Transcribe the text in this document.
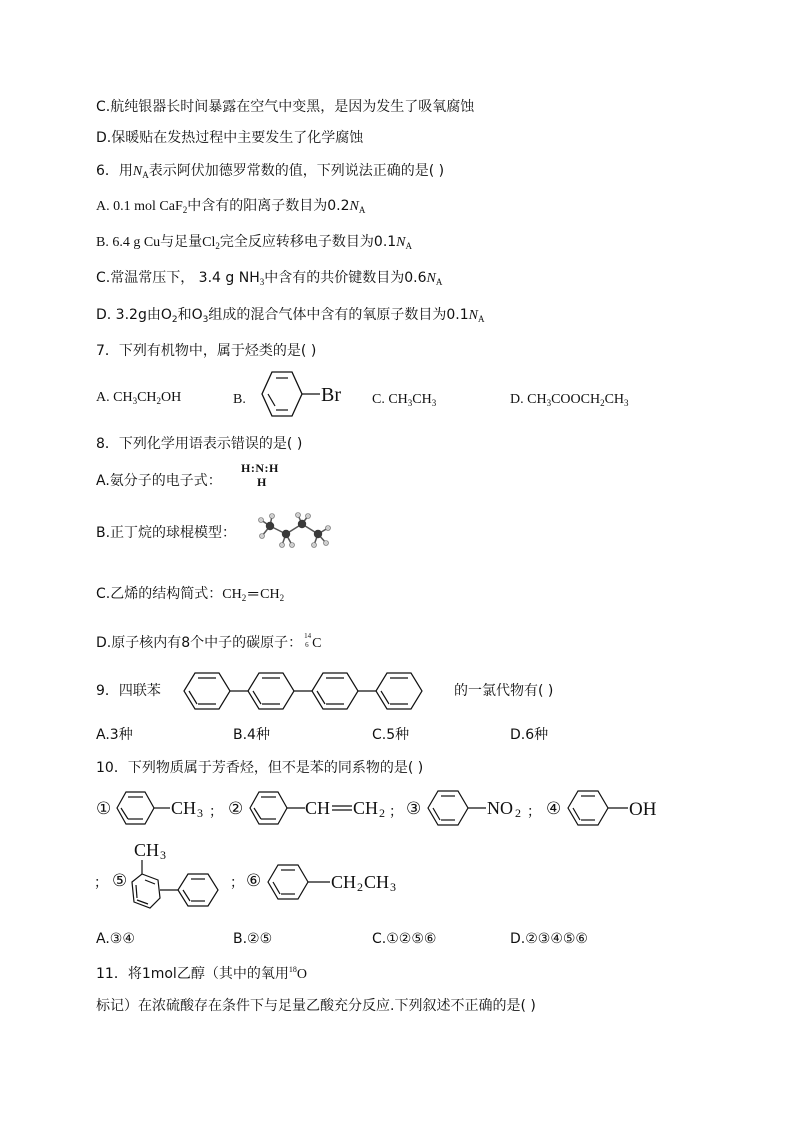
C.航纯银器长时间暴露在空气中变黑，是因为发生了吸氧腐蚀
D.保暖贴在发热过程中主要发生了化学腐蚀
6．用$N_A$表示阿伏加德罗常数的值，下列说法正确的是( )
A. 0.1 mol CaF$_2$中含有的阳离子数目为$0.2N_A$
B. 6.4 g Cu与足量$Cl_2$完全反应转移电子数目为$0.1N_A$
C.常温常压下， 3.4 g $NH_3$中含有的共价键数目为$0.6N_A$
D. 3.2g由$O_2$和$O_3$组成的混合气体中含有的氧原子数目为$0.1N_A$
7．下列有机物中，属于烃类的是( )
A. $CH_3CH_2OH$	B.	Br C. $CH_3CH_3$	D. $CH_3COOCH_2CH_3$
8．下列化学用语表示错误的是( )
A.氨分子的电子式：
H:N:H
H
B.正丁烷的球棍模型：
C.乙烯的结构简式：$CH_2$ ═ $CH_2$
D.原子核内有8个中子的碳原子： 14
6 C
9．四联苯	的一氯代物有( )
A.3种	B.4种	C.5种	D.6种
10．下列物质属于芳香烃，但不是苯的同系物的是( )
①	CH 3 ； ②	CH CH 2 ； ③	NO 2 ； ④	OH
； ⑤
CH 3
； ⑥	CH 2 CH 3
A.③④	B.②⑤	C.①②⑤⑥	D.②③④⑤⑥
11．将1mol乙醇（其中的氧用$^{18}$O
标记）在浓硫酸存在条件下与足量乙酸充分反应.下列叙述不正确的是( )
